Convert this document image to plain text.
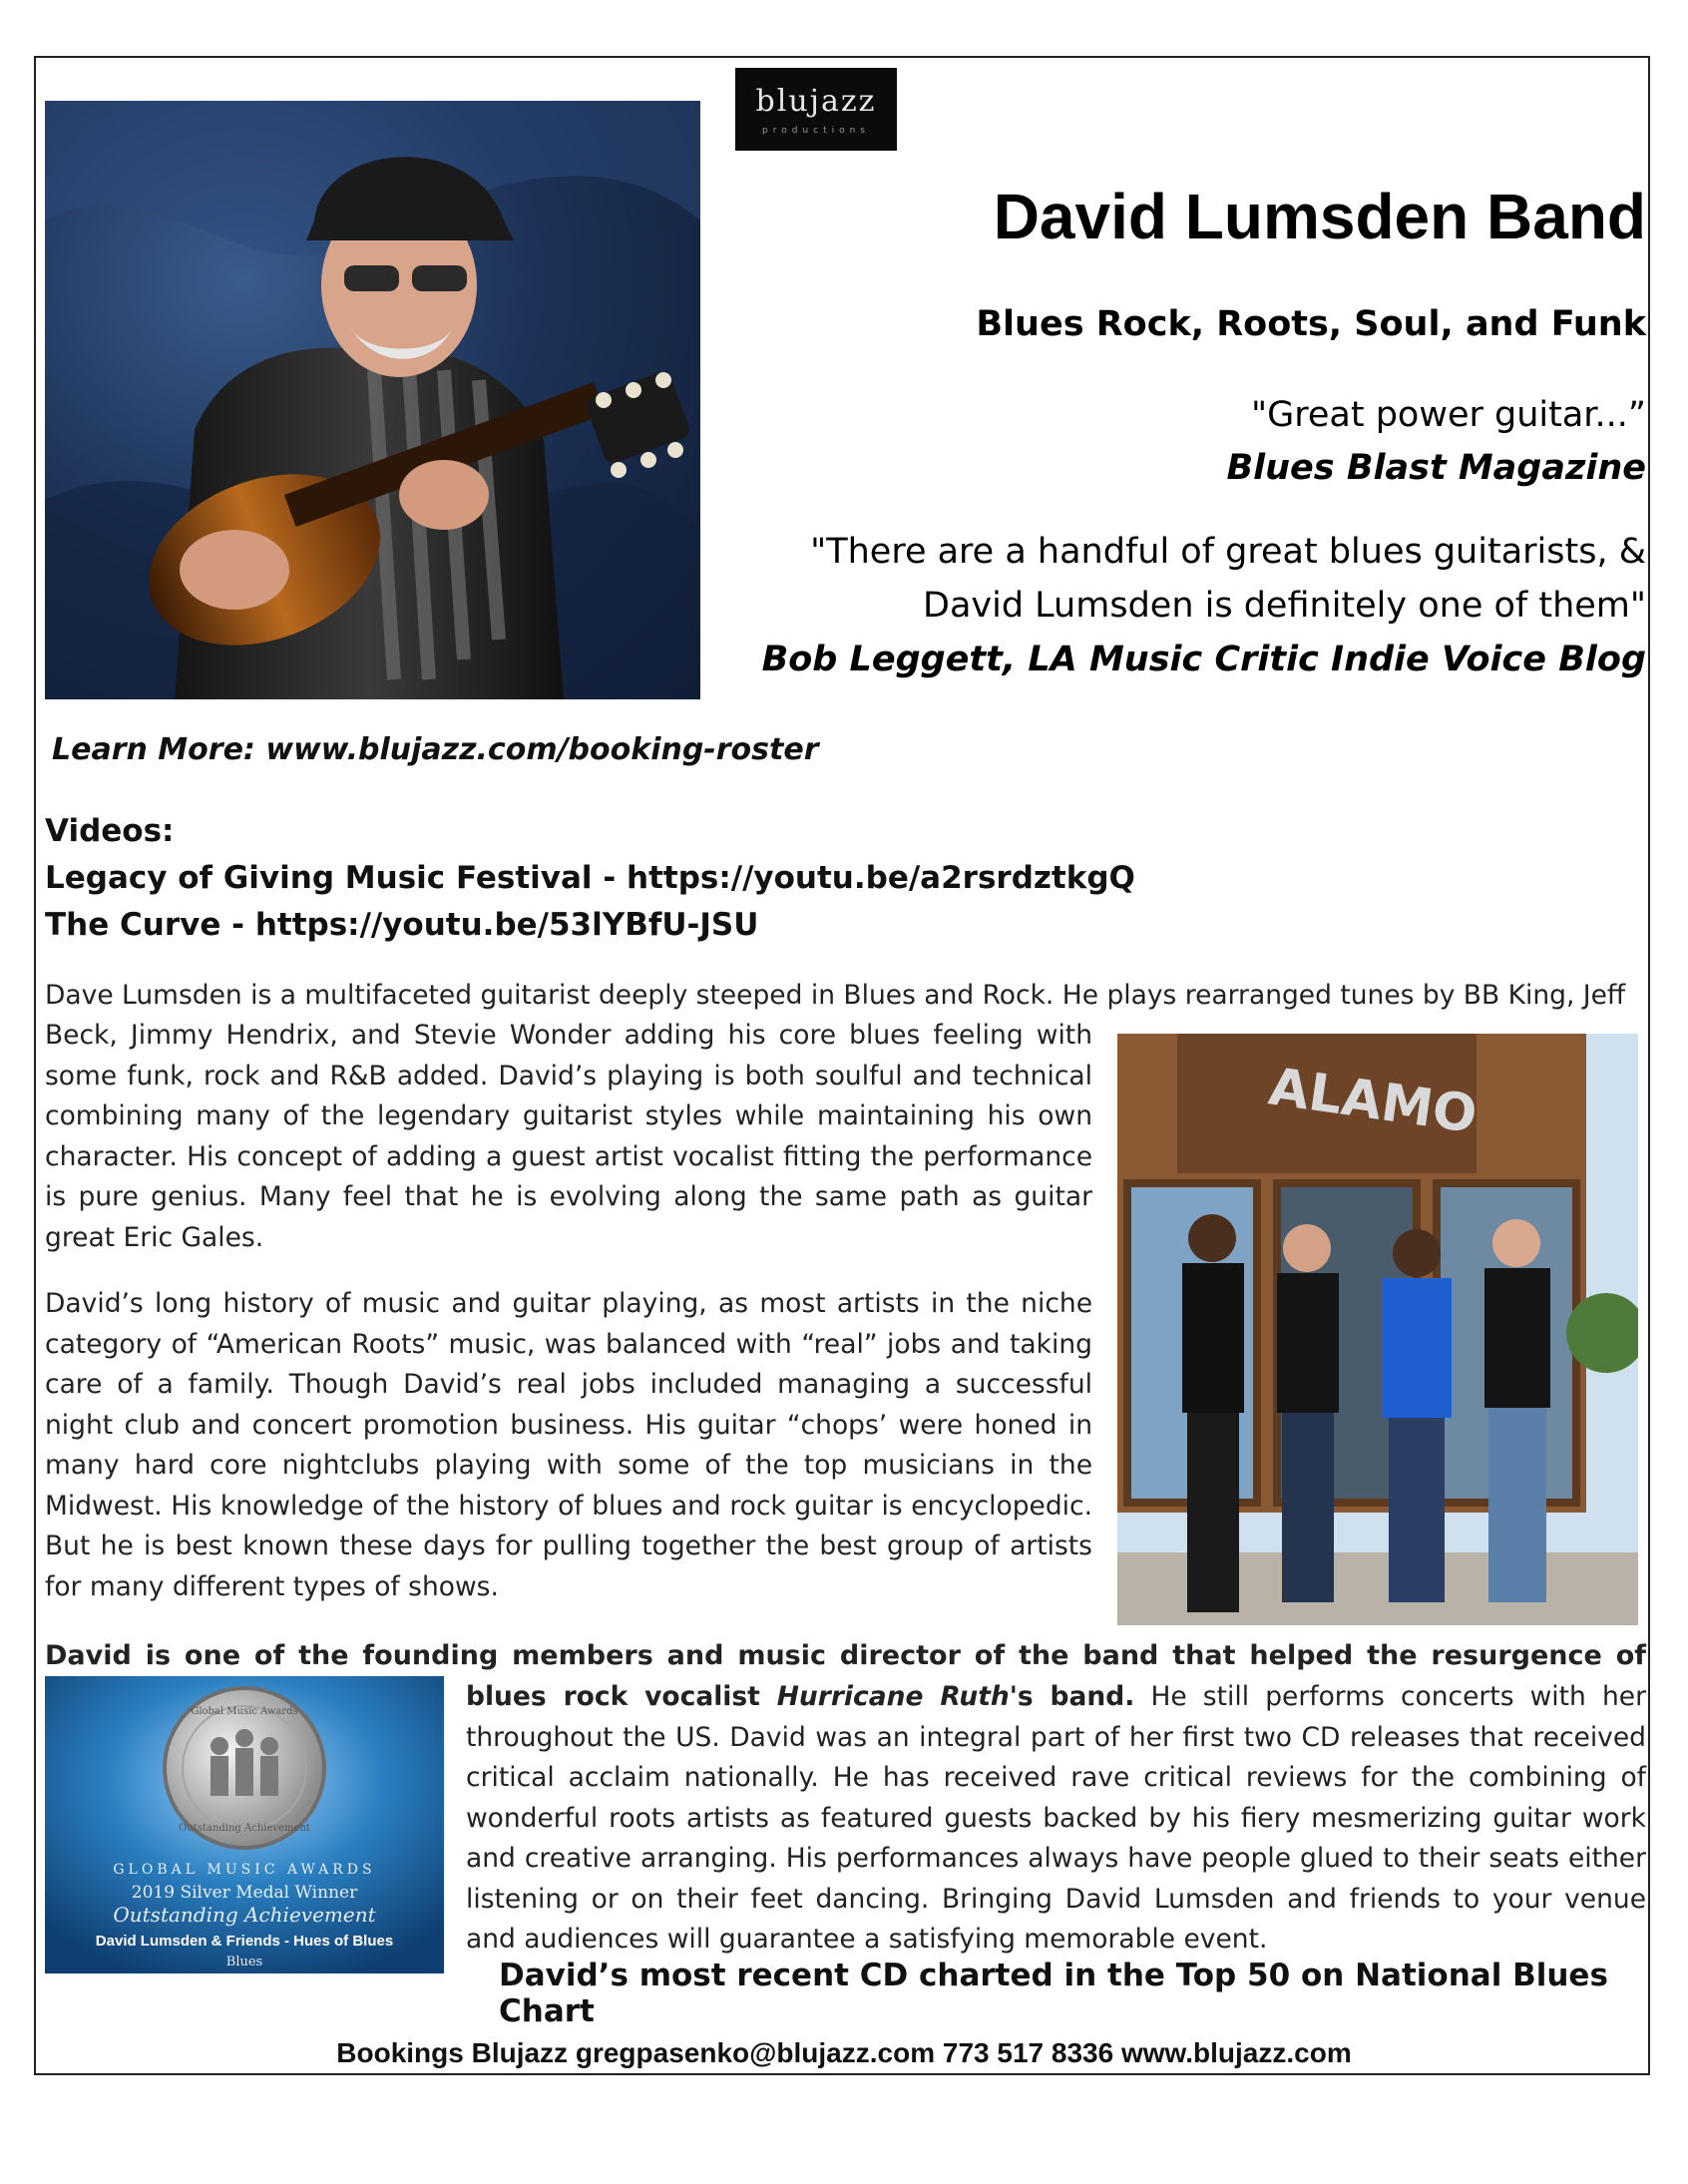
blujazz
productions
David Lumsden Band
Blues Rock, Roots, Soul, and Funk
"Great power guitar...”
Blues Blast Magazine
"There are a handful of great blues guitarists, &
David Lumsden is definitely one of them"
Bob Leggett, LA Music Critic Indie Voice Blog
Learn More: www.blujazz.com/booking-roster
Videos:
Legacy of Giving Music Festival - https://youtu.be/a2rsrdztkgQ
The Curve - https://youtu.be/53lYBfU-JSU
Dave Lumsden is a multifaceted guitarist deeply steeped in Blues and Rock. He plays rearranged tunes by BB King, Jeff
Beck, Jimmy Hendrix, and Stevie Wonder adding his core blues feeling with some funk, rock and R&B added. David’s playing is both soulful and technical combining many of the legendary guitarist styles while maintaining his own character. His concept of adding a guest artist vocalist fitting the performance is pure genius. Many feel that he is evolving along the same path as guitar great Eric Gales.
David’s long history of music and guitar playing, as most artists in the niche category of “American Roots” music, was balanced with “real” jobs and taking care of a family. Though David’s real jobs included managing a successful night club and concert promotion business. His guitar “chops’ were honed in many hard core nightclubs playing with some of the top musicians in the Midwest. His knowledge of the history of blues and rock guitar is encyclopedic. But he is best known these days for pulling together the best group of artists for many different types of shows.
ALAMO
David is one of the founding members and music director of the band that helped the resurgence of
blues rock vocalist Hurricane Ruth's band. He still performs concerts with her throughout the US. David was an integral part of her first two CD releases that received critical acclaim nationally. He has received rave critical reviews for the combining of wonderful roots artists as featured guests backed by his fiery mesmerizing guitar work and creative arranging. His performances always have people glued to their seats either listening or on their feet dancing. Bringing David Lumsden and friends to your venue and audiences will guarantee a satisfying memorable event.
Global Music Awards
Outstanding Achievement
GLOBAL MUSIC AWARDS
2019 Silver Medal Winner
Outstanding Achievement
David Lumsden & Friends - Hues of Blues
Blues	David’s most recent CD charted in the Top 50 on National Blues Chart
Bookings Blujazz gregpasenko@blujazz.com 773 517 8336 www.blujazz.com
